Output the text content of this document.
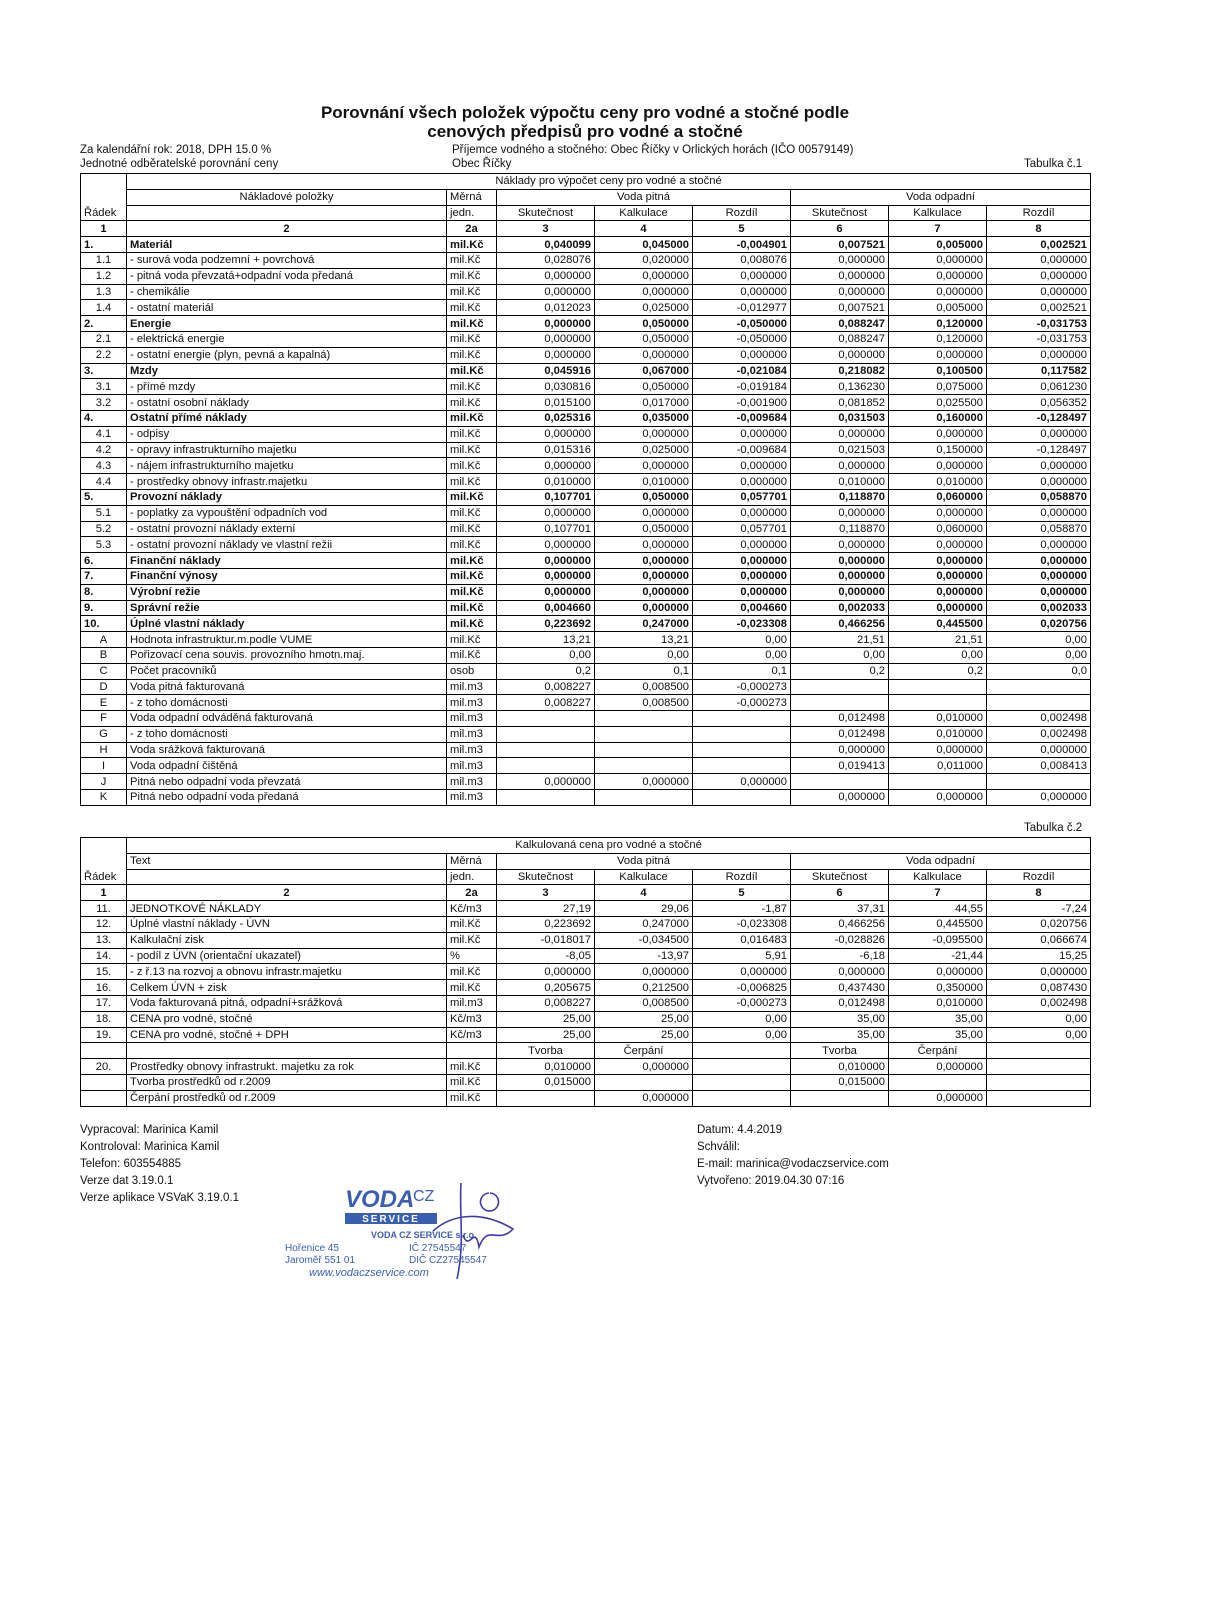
Porovnání všech položek výpočtu ceny pro vodné a stočné podle
cenových předpisů pro vodné a stočné
Za kalendářní rok: 2018, DPH 15.0 %
Jednotné odběratelské porovnání ceny
Příjemce vodného a stočného: Obec Říčky v Orlických horách (IČO 00579149)
Obec Říčky	Tabulka č.1
	Náklady pro výpočet ceny pro vodné a stočné							
	Nákladové položky	Měrná	Voda pitná			Voda odpadní		
Řádek		jedn.	Skutečnost	Kalkulace	Rozdíl	Skutečnost	Kalkulace	Rozdíl
1	2	2a	3	4	5	6	7	8
1.	Materiál	mil.Kč	0,040099	0,045000	-0,004901	0,007521	0,005000	0,002521
1.1	- surová voda podzemní + povrchová	mil.Kč	0,028076	0,020000	0,008076	0,000000	0,000000	0,000000
1.2	- pitná voda převzatá+odpadní voda předaná	mil.Kč	0,000000	0,000000	0,000000	0,000000	0,000000	0,000000
1.3	- chemikálie	mil.Kč	0,000000	0,000000	0,000000	0,000000	0,000000	0,000000
1.4	- ostatní materiál	mil.Kč	0,012023	0,025000	-0,012977	0,007521	0,005000	0,002521
2.	Energie	mil.Kč	0,000000	0,050000	-0,050000	0,088247	0,120000	-0,031753
2.1	- elektrická energie	mil.Kč	0,000000	0,050000	-0,050000	0,088247	0,120000	-0,031753
2.2	- ostatní energie (plyn, pevná a kapalná)	mil.Kč	0,000000	0,000000	0,000000	0,000000	0,000000	0,000000
3.	Mzdy	mil.Kč	0,045916	0,067000	-0,021084	0,218082	0,100500	0,117582
3.1	- přímé mzdy	mil.Kč	0,030816	0,050000	-0,019184	0,136230	0,075000	0,061230
3.2	- ostatní osobní náklady	mil.Kč	0,015100	0,017000	-0,001900	0,081852	0,025500	0,056352
4.	Ostatní přímé náklady	mil.Kč	0,025316	0,035000	-0,009684	0,031503	0,160000	-0,128497
4.1	- odpisy	mil.Kč	0,000000	0,000000	0,000000	0,000000	0,000000	0,000000
4.2	- opravy infrastrukturního majetku	mil.Kč	0,015316	0,025000	-0,009684	0,021503	0,150000	-0,128497
4.3	- nájem infrastrukturního majetku	mil.Kč	0,000000	0,000000	0,000000	0,000000	0,000000	0,000000
4.4	- prostředky obnovy infrastr.majetku	mil.Kč	0,010000	0,010000	0,000000	0,010000	0,010000	0,000000
5.	Provozní náklady	mil.Kč	0,107701	0,050000	0,057701	0,118870	0,060000	0,058870
5.1	- poplatky za vypouštění odpadních vod	mil.Kč	0,000000	0,000000	0,000000	0,000000	0,000000	0,000000
5.2	- ostatní provozní náklady externí	mil.Kč	0,107701	0,050000	0,057701	0,118870	0,060000	0,058870
5.3	- ostatní provozní náklady ve vlastní režii	mil.Kč	0,000000	0,000000	0,000000	0,000000	0,000000	0,000000
6.	Finanční náklady	mil.Kč	0,000000	0,000000	0,000000	0,000000	0,000000	0,000000
7.	Finanční výnosy	mil.Kč	0,000000	0,000000	0,000000	0,000000	0,000000	0,000000
8.	Výrobní režie	mil.Kč	0,000000	0,000000	0,000000	0,000000	0,000000	0,000000
9.	Správní režie	mil.Kč	0,004660	0,000000	0,004660	0,002033	0,000000	0,002033
10.	Úplné vlastní náklady	mil.Kč	0,223692	0,247000	-0,023308	0,466256	0,445500	0,020756
A	Hodnota infrastruktur.m.podle VUME	mil.Kč	13,21	13,21	0,00	21,51	21,51	0,00
B	Pořizovací cena souvis. provozního hmotn.maj.	mil.Kč	0,00	0,00	0,00	0,00	0,00	0,00
C	Počet pracovníků	osob	0,2	0,1	0,1	0,2	0,2	0,0
D	Voda pitná fakturovaná	mil.m3	0,008227	0,008500	-0,000273			
E	- z toho domácnosti	mil.m3	0,008227	0,008500	-0,000273			
F	Voda odpadní odváděná fakturovaná	mil.m3				0,012498	0,010000	0,002498
G	- z toho domácnosti	mil.m3				0,012498	0,010000	0,002498
H	Voda srážková fakturovaná	mil.m3				0,000000	0,000000	0,000000
I	Voda odpadní čištěná	mil.m3				0,019413	0,011000	0,008413
J	Pitná nebo odpadní voda převzatá	mil.m3	0,000000	0,000000	0,000000			
K	Pitná nebo odpadní voda předaná	mil.m3				0,000000	0,000000	0,000000
Tabulka č.2
	Kalkulovaná cena pro vodné a stočné							
	Text	Měrná	Voda pitná			Voda odpadní		
Řádek		jedn.	Skutečnost	Kalkulace	Rozdíl	Skutečnost	Kalkulace	Rozdíl
1	2	2a	3	4	5	6	7	8
11.	JEDNOTKOVÉ NÁKLADY	Kč/m3	27,19	29,06	-1,87	37,31	44,55	-7,24
12.	Úplné vlastní náklady - ÚVN	mil.Kč	0,223692	0,247000	-0,023308	0,466256	0,445500	0,020756
13.	Kalkulační zisk	mil.Kč	-0,018017	-0,034500	0,016483	-0,028826	-0,095500	0,066674
14.	- podíl z ÚVN (orientační ukazatel)	%	-8,05	-13,97	5,91	-6,18	-21,44	15,25
15.	- z ř.13 na rozvoj a obnovu infrastr.majetku	mil.Kč	0,000000	0,000000	0,000000	0,000000	0,000000	0,000000
16.	Celkem ÚVN + zisk	mil.Kč	0,205675	0,212500	-0,006825	0,437430	0,350000	0,087430
17.	Voda fakturovaná pitná, odpadní+srážková	mil.m3	0,008227	0,008500	-0,000273	0,012498	0,010000	0,002498
18.	CENA pro vodné, stočné	Kč/m3	25,00	25,00	0,00	35,00	35,00	0,00
19.	CENA pro vodné, stočné + DPH	Kč/m3	25,00	25,00	0,00	35,00	35,00	0,00
			Tvorba	Čerpání		Tvorba	Čerpání	
20.	Prostředky obnovy infrastrukt. majetku za rok	mil.Kč	0,010000	0,000000		0,010000	0,000000	
	Tvorba prostředků od r.2009	mil.Kč	0,015000			0,015000		
	Čerpání prostředků od r.2009	mil.Kč		0,000000			0,000000	
Vypracoval: Marinica Kamil
Kontroloval: Marinica Kamil
Telefon: 603554885
Verze dat 3.19.0.1
Verze aplikace VSVaK 3.19.0.1
Datum: 4.4.2019
Schválil:
E-mail: marinica@vodaczservice.com
Vytvořeno: 2019.04.30 07:16
VODA
CZ
SERVICE
VODA CZ SERVICE s.r.o.
Hořenice 45	IČ 27545547
Jaroměř 551 01	DIČ CZ27545547
www.vodaczservice.com
